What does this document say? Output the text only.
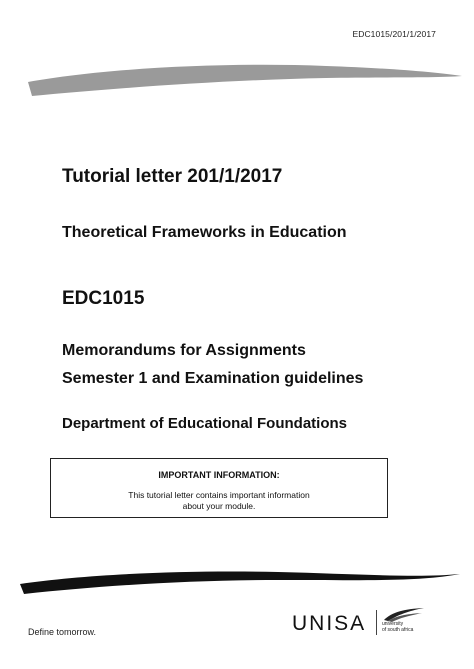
EDC1015/201/1/2017
Tutorial letter 201/1/2017
Theoretical Frameworks in Education
EDC1015
Memorandums for Assignments
Semester 1 and Examination guidelines
Department of Educational Foundations
IMPORTANT INFORMATION:
This tutorial letter contains important information
about your module.
Define tomorrow.	UNISA	university
of south africa
